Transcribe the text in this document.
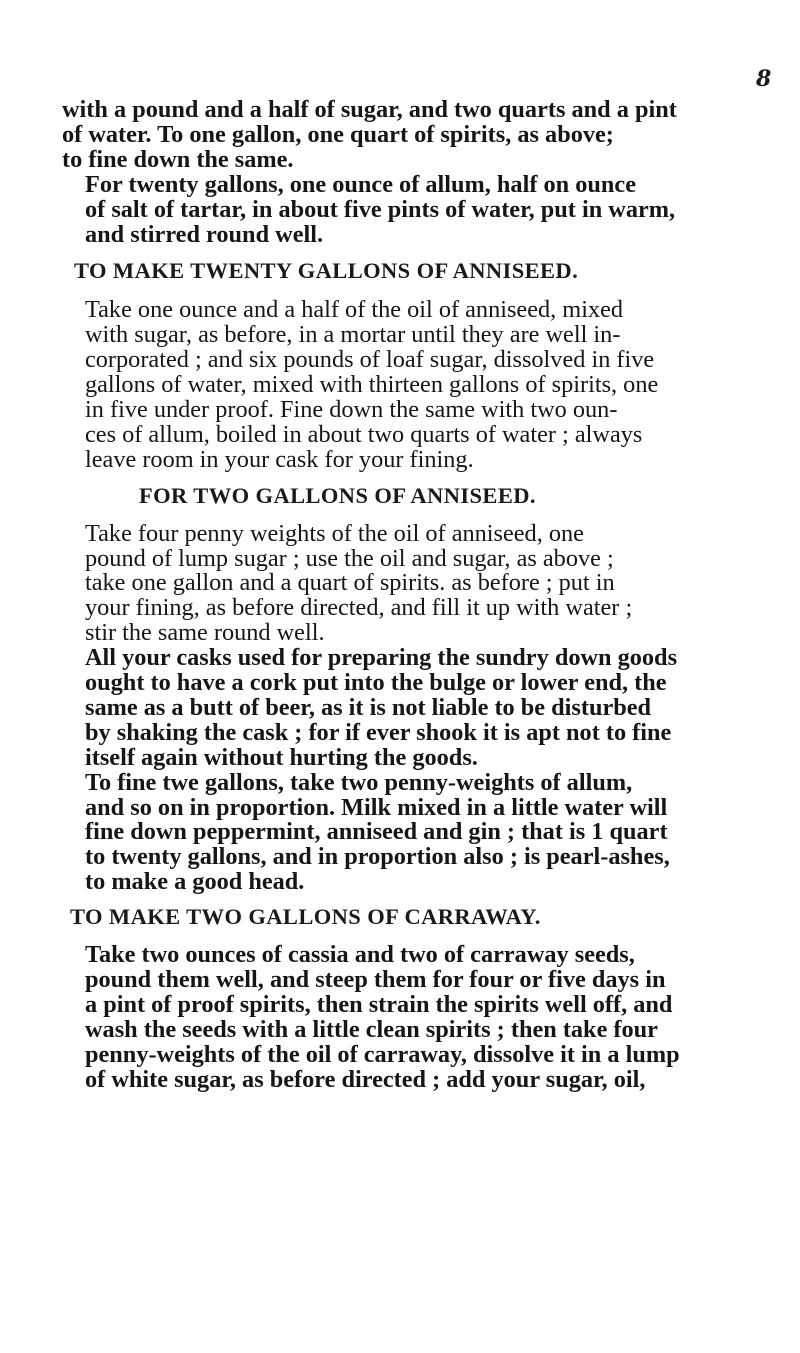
8

with a pound and a half of sugar, and two quarts and a pint
of water. To one gallon, one quart of spirits, as above;
to fine down the same.

For twenty gallons, one ounce of allum, half on ounce
of salt of tartar, in about five pints of water, put in warm,
and stirred round well.

TO MAKE TWENTY GALLONS OF ANNISEED.

Take one ounce and a half of the oil of anniseed, mixed
with sugar, as before, in a mortar until they are well in-
corporated ; and six pounds of loaf sugar, dissolved in five
gallons of water, mixed with thirteen gallons of spirits, one
in five under proof. Fine down the same with two oun-
ces of allum, boiled in about two quarts of water ; always
leave room in your cask for your fining.

FOR TWO GALLONS OF ANNISEED.

Take four penny weights of the oil of anniseed, one
pound of lump sugar ; use the oil and sugar, as above ;
take one gallon and a quart of spirits. as before ; put in
your fining, as before directed, and fill it up with water ;
stir the same round well.

All your casks used for preparing the sundry down goods
ought to have a cork put into the bulge or lower end, the
same as a butt of beer, as it is not liable to be disturbed
by shaking the cask ; for if ever shook it is apt not to fine
itself again without hurting the goods.

To fine twe gallons, take two penny-weights of allum,
and so on in proportion. Milk mixed in a little water will
fine down peppermint, anniseed and gin ; that is 1 quart
to twenty gallons, and in proportion also ; is pearl-ashes,
to make a good head.

TO MAKE TWO GALLONS OF CARRAWAY.

Take two ounces of cassia and two of carraway seeds,
pound them well, and steep them for four or five days in
a pint of proof spirits, then strain the spirits well off, and
wash the seeds with a little clean spirits ; then take four
penny-weights of the oil of carraway, dissolve it in a lump
of white sugar, as before directed ; add your sugar, oil,
